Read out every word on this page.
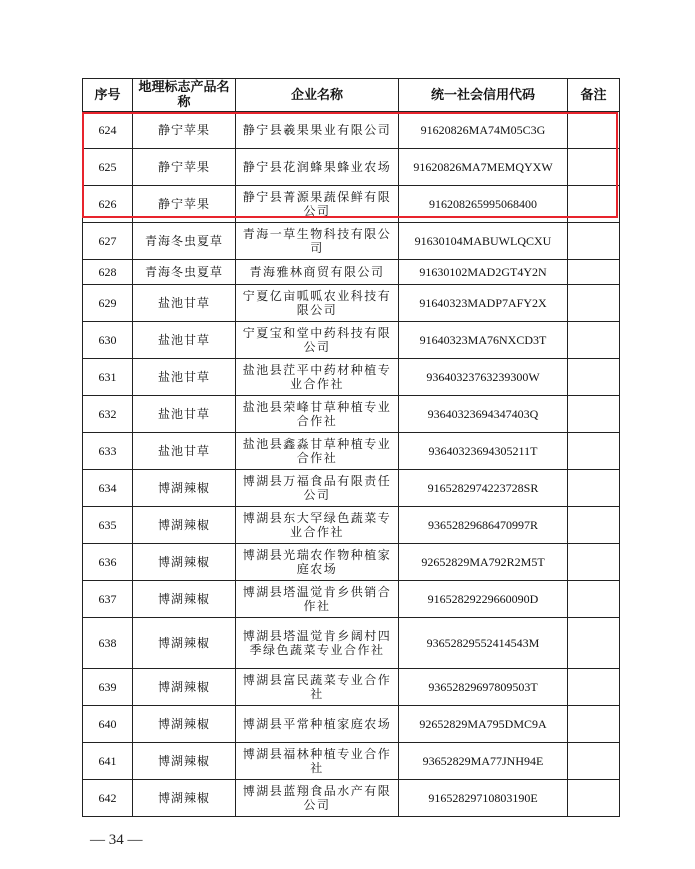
序号	地理标志产品名称	企业名称	统一社会信用代码	备注
624	静宁苹果	静宁县羲果果业有限公司	91620826MA74M05C3G	
625	静宁苹果	静宁县花润蜂果蜂业农场	91620826MA7MEMQYXW	
626	静宁苹果	静宁县菁源果蔬保鲜有限公司	916208265995068400	
627	青海冬虫夏草	青海一草生物科技有限公司	91630104MABUWLQCXU	
628	青海冬虫夏草	青海雅林商贸有限公司	91630102MAD2GT4Y2N	
629	盐池甘草	宁夏亿亩呱呱农业科技有限公司	91640323MADP7AFY2X	
630	盐池甘草	宁夏宝和堂中药科技有限公司	91640323MA76NXCD3T	
631	盐池甘草	盐池县茳平中药材种植专业合作社	93640323763239300W	
632	盐池甘草	盐池县荣峰甘草种植专业合作社	93640323694347403Q	
633	盐池甘草	盐池县鑫淼甘草种植专业合作社	93640323694305211T	
634	博湖辣椒	博湖县万福食品有限责任公司	9165282974223728SR	
635	博湖辣椒	博湖县东大罕绿色蔬菜专业合作社	93652829686470997R	
636	博湖辣椒	博湖县光瑞农作物种植家庭农场	92652829MA792R2M5T	
637	博湖辣椒	博湖县塔温觉肯乡供销合作社	91652829229660090D	
638	博湖辣椒	博湖县塔温觉肯乡阔村四季绿色蔬菜专业合作社	93652829552414543M	
639	博湖辣椒	博湖县富民蔬菜专业合作社	93652829697809503T	
640	博湖辣椒	博湖县平常种植家庭农场	92652829MA795DMC9A	
641	博湖辣椒	博湖县福林种植专业合作社	93652829MA77JNH94E	
642	博湖辣椒	博湖县蓝翔食品水产有限公司	91652829710803190E	
— 34 —
